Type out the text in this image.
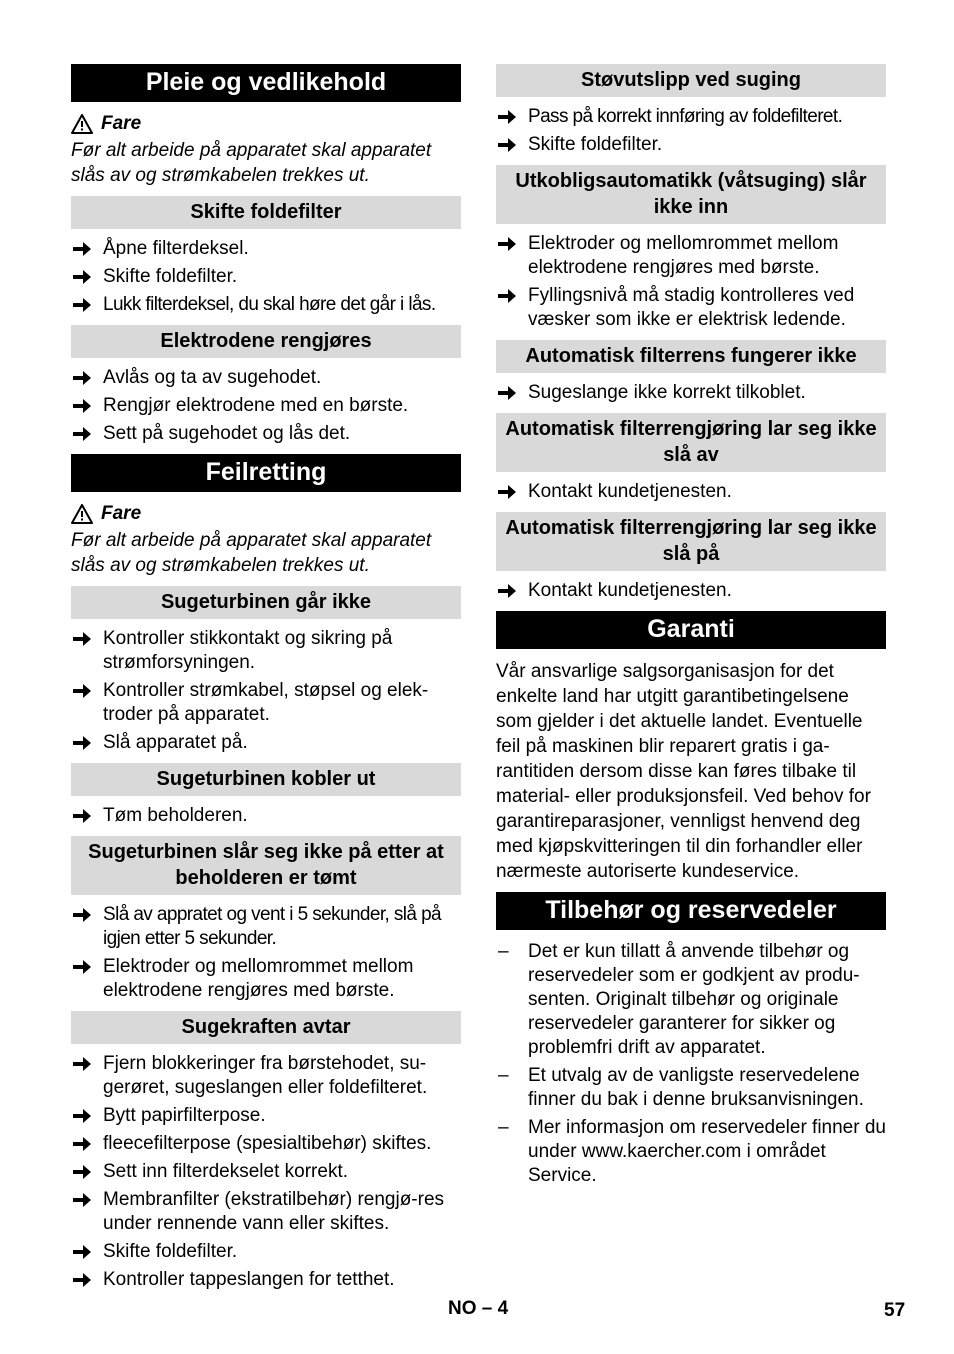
Pleie og vedlikehold
Fare
Før alt arbeide på apparatet skal apparatet slås av og strømkabelen trekkes ut.
Skifte foldefilter
Åpne filterdeksel.
Skifte foldefilter.
Lukk filterdeksel, du skal høre det går i lås.
Elektrodene rengjøres
Avlås og ta av sugehodet.
Rengjør elektrodene med en børste.
Sett på sugehodet og lås det.
Feilretting
Fare
Før alt arbeide på apparatet skal apparatet slås av og strømkabelen trekkes ut.
Sugeturbinen går ikke
Kontroller stikkontakt og sikring på strømforsyningen.
Kontroller strømkabel, støpsel og elek-troder på apparatet.
Slå apparatet på.
Sugeturbinen kobler ut
Tøm beholderen.
Sugeturbinen slår seg ikke på etter at beholderen er tømt
Slå av appratet og vent i 5 sekunder, slå på igjen etter 5 sekunder.
Elektroder og mellomrommet mellom elektrodene rengjøres med børste.
Sugekraften avtar
Fjern blokkeringer fra børstehodet, su-gerøret, sugeslangen eller foldefilteret.
Bytt papirfilterpose.
fleecefilterpose (spesialtibehør) skiftes.
Sett inn filterdekselet korrekt.
Membranfilter (ekstratilbehør) rengjø-res under rennende vann eller skiftes.
Skifte foldefilter.
Kontroller tappeslangen for tetthet.
Støvutslipp ved suging
Pass på korrekt innføring av foldefilteret.
Skifte foldefilter.
Utkobligsautomatikk (våtsuging) slår ikke inn
Elektroder og mellomrommet mellom elektrodene rengjøres med børste.
Fyllingsnivå må stadig kontrolleres ved væsker som ikke er elektrisk ledende.
Automatisk filterrens fungerer ikke
Sugeslange ikke korrekt tilkoblet.
Automatisk filterrengjøring lar seg ikke slå av
Kontakt kundetjenesten.
Automatisk filterrengjøring lar seg ikke slå på
Kontakt kundetjenesten.
Garanti
Vår ansvarlige salgsorganisasjon for det enkelte land har utgitt garantibetingelsene som gjelder i det aktuelle landet. Eventuelle feil på maskinen blir reparert gratis i ga-rantitiden dersom disse kan føres tilbake til material- eller produksjonsfeil. Ved behov for garantireparasjoner, vennligst henvend deg med kjøpskvitteringen til din forhandler eller nærmeste autoriserte kundeservice.
Tilbehør og reservedeler
– Det er kun tillatt å anvende tilbehør og reservedeler som er godkjent av produ-senten. Originalt tilbehør og originale reservedeler garanterer for sikker og problemfri drift av apparatet.
– Et utvalg av de vanligste reservedelene finner du bak i denne bruksanvisningen.
– Mer informasjon om reservedeler finner du under www.kaercher.com i området Service.
NO – 4	57
